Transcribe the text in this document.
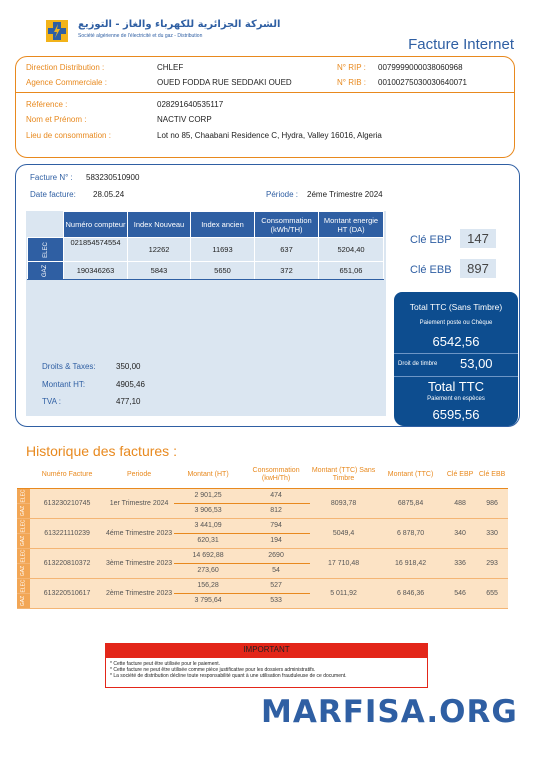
الشركة الجزائرية للكهرباء والغاز - التوزيع
Société algérienne de l'électricité et du gaz - Distribution	Facture Internet
Direction Distribution :	CHLEF
Agence Commerciale :	OUED FODDA RUE SEDDAKI OUED
N° RIP : 0079999000038060968
N° RIB : 00100275030030640071
Référence :	028291640535117
Nom et Prénom :	NACTIV CORP
Lieu de consommation :	Lot no 85, Chaabani Residence C, Hydra, Valley 16016, Algeria
Facture N° : 583230510900
Date facture: 28.05.24	Période : 2éme Trimestre 2024
	Numéro compteur	Index Nouveau	Index ancien	Consommation (kWh/TH)	Montant energie HT (DA)
ELEC	021854574554	12262	11693	637	5204,40
GAZ	190346263	5843	5650	372	651,06
Clé EBP	147
Clé EBB	897
Droits & Taxes:	350,00
Montant HT:	4905,46
TVA :	477,10
Total TTC (Sans Timbre)
Paiement poste ou Chèque
6542,56
Droit de timbre 53,00
Total TTC
Paiement en espèces
6595,56
Historique des factures :
	Numéro Facture	Periode	Montant (HT)	Consommation (kwH/Th)	Montant (TTC) Sans Timbre	Montant (TTC)	Clé EBP	Clé EBB
ELEC	613230210745	1er Trimestre 2024	2 901,25	474	8093,78	6875,84	488	986
GAZ			3 906,53	812				
ELEC	613221110239	4éme Trimestre 2023	3 441,09	794	5049,4	6 878,70	340	330
GAZ			620,31	194				
ELEC	613220810372	3ème Trimestre 2023	14 692,88	2690	17 710,48	16 918,42	336	293
GAZ			273,60	54				
ELEC	613220510617	2ème Trimestre 2023	156,28	527	5 011,92	6 846,36	546	655
GAZ			3 795,64	533				
IMPORTANT
* Cette facture peut être utilisée pour le paiement.
* Cette facture ne peut être utilisée comme pièce justificative pour les dossiers administratifs.
* La société de distribution décline toute responsabilité quant à une utilisation frauduleuse de ce document.
MARFISA.ORG
